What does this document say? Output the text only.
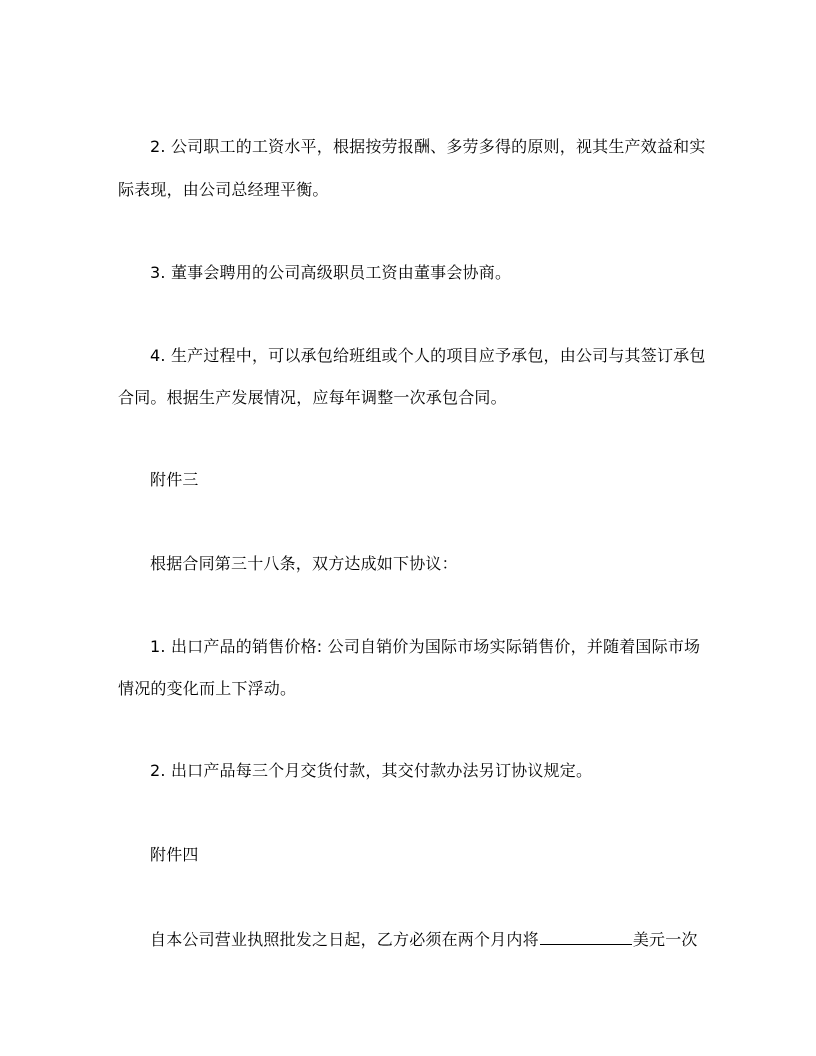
2. 公司职工的工资水平，根据按劳报酬、多劳多得的原则，视其生产效益和实
际表现，由公司总经理平衡。
3. 董事会聘用的公司高级职员工资由董事会协商。
4. 生产过程中，可以承包给班组或个人的项目应予承包，由公司与其签订承包
合同。根据生产发展情况，应每年调整一次承包合同。
附件三
根据合同第三十八条，双方达成如下协议：
1. 出口产品的销售价格: 公司自销价为国际市场实际销售价，并随着国际市场
情况的变化而上下浮动。
2. 出口产品每三个月交货付款，其交付款办法另订协议规定。
附件四
自本公司营业执照批发之日起，乙方必须在两个月内将	美元一次
